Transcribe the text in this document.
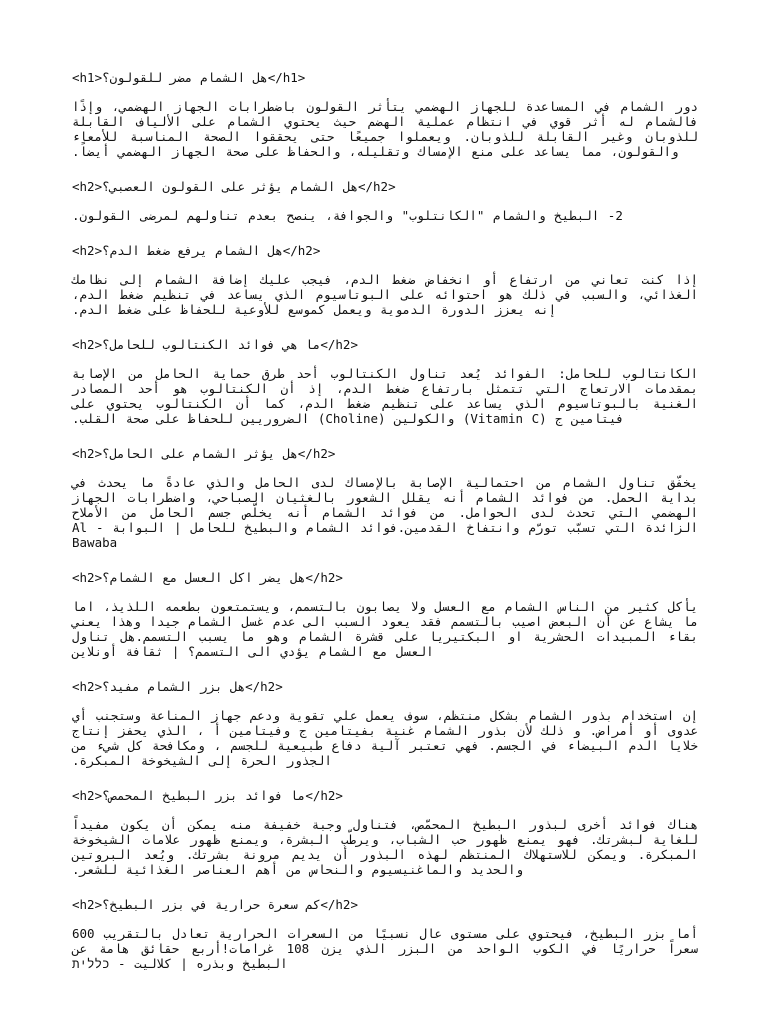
<h1>هل الشمام مضر للقولون؟</h1>
دور الشمام في المساعدة للجهاز الهضمي يتأثر القولون باضطرابات الجهاز الهضمي، وإذًا فالشمام له أثر قوي في انتظام عملية الهضم حيث يحتوي الشمام على الألياف القابلة للذوبان وغير القابلة للذوبان. ويعملوا جميعًا حتى يحققوا الصحة المناسبة للأمعاء والقولون، مما يساعد على منع الإمساك وتقليله، والحفاظ على صحة الجهاز الهضمي أيضاً.
<h2>هل الشمام يؤثر على القولون العصبي؟</h2>
2- البطيخ والشمام "الكانتلوب" والجوافة، ينصح بعدم تناولهم لمرضى القولون.
<h2>هل الشمام يرفع ضغط الدم؟</h2>
إذا كنت تعاني من ارتفاع أو انخفاض ضغط الدم، فيجب عليك إضافة الشمام إلى نظامك الغذائي، والسبب في ذلك هو احتوائه على البوتاسيوم الذي يساعد في تنظيم ضغط الدم، إنه يعزز الدورة الدموية ويعمل كموسع للأوعية للحفاظ على ضغط الدم.
<h2>ما هي فوائد الكنتالوب للحامل؟</h2>
الكانتالوب للحامل: الفوائد يُعد تناول الكنتالوب أحد طرق حماية الحامل من الإصابة بمقدمات الارتعاج التي تتمثل بارتفاع ضغط الدم، إذ أن الكنتالوب هو أحد المصادر الغنية بالبوتاسيوم الذي يساعد على تنظيم ضغط الدم، كما أن الكنتالوب يحتوي على فيتامين ج (Vitamin C) والكولين (Choline) الضروريين للحفاظ على صحة القلب.
<h2>هل يؤثر الشمام على الحامل؟</h2>
يخفّق تناول الشمام من احتمالية الإصابة بالإمساك لدى الحامل والذي عادةً ما يحدث في بداية الحمل. من فوائد الشمام أنه يقلل الشعور بالغثيان الصباحي، واضطرابات الجهاز الهضمي التي تحدث لدى الحوامل. من فوائد الشمام أنه يخلّص جسم الحامل من الأملاح الزائدة التي تسبّب تورّم وانتفاخ القدمين.فوائد الشمام والبطيخ للحامل | البوابة - Al Bawaba
<h2>هل يضر اكل العسل مع الشمام؟</h2>
يأكل كثير من الناس الشمام مع العسل ولا يصابون بالتسمم، ويستمتعون بطعمه اللذيذ، اما ما يشاع عن أن البعض اصيب بالتسمم فقد يعود السبب الى عدم غسل الشمام جيدا وهذا يعني بقاء المبيدات الحشرية او البكتيريا على قشرة الشمام وهو ما يسبب التسمم.هل تناول العسل مع الشمام يؤدي الى التسمم؟ | ثقافة أونلاين
<h2>هل بزر الشمام مفيد؟</h2>
إن استخدام بذور الشمام بشكل منتظم، سوف يعمل علي تقوية ودعم جهاز المناعة وستجنب أي عدوى أو أمراض. و ذلك لأن بذور الشمام غنية بفيتامين ج وفيتامين أ ، الذي يحفز إنتاج خلايا الدم البيضاء في الجسم. فهي تعتبر آلية دفاع طبيعية للجسم ، ومكافحة كل شيء من الجذور الحرة إلى الشيخوخة المبكرة.
<h2>ما فوائد بزر البطيخ المحمص؟</h2>
هناك فوائد أخرى لبذور البطيخ المحمّص، فتناول وجبة خفيفة منه يمكن أن يكون مفيداً للغاية لبشرتك. فهو يمنع ظهور حب الشباب، ويرطّب البشرة، ويمنع ظهور علامات الشيخوخة المبكرة. ويمكن للاستهلاك المنتظم لهذه البذور أن يديم مرونة بشرتك. ويُعد البروتين والحديد والماغنيسيوم والنحاس من أهم العناصر الغذائية للشعر.
<h2>كم سعرة حرارية في بزر البطيخ؟</h2>
أما بزر البطيخ، فيحتوي على مستوى عال نسبيًا من السعرات الحرارية تعادل بالتقريب 600 سعراً حراريًا في الكوب الواحد من البزر الذي يزن 108 غرامات!أربع حقائق هامة عن البطيخ وبذره | كلاليت - כללית
